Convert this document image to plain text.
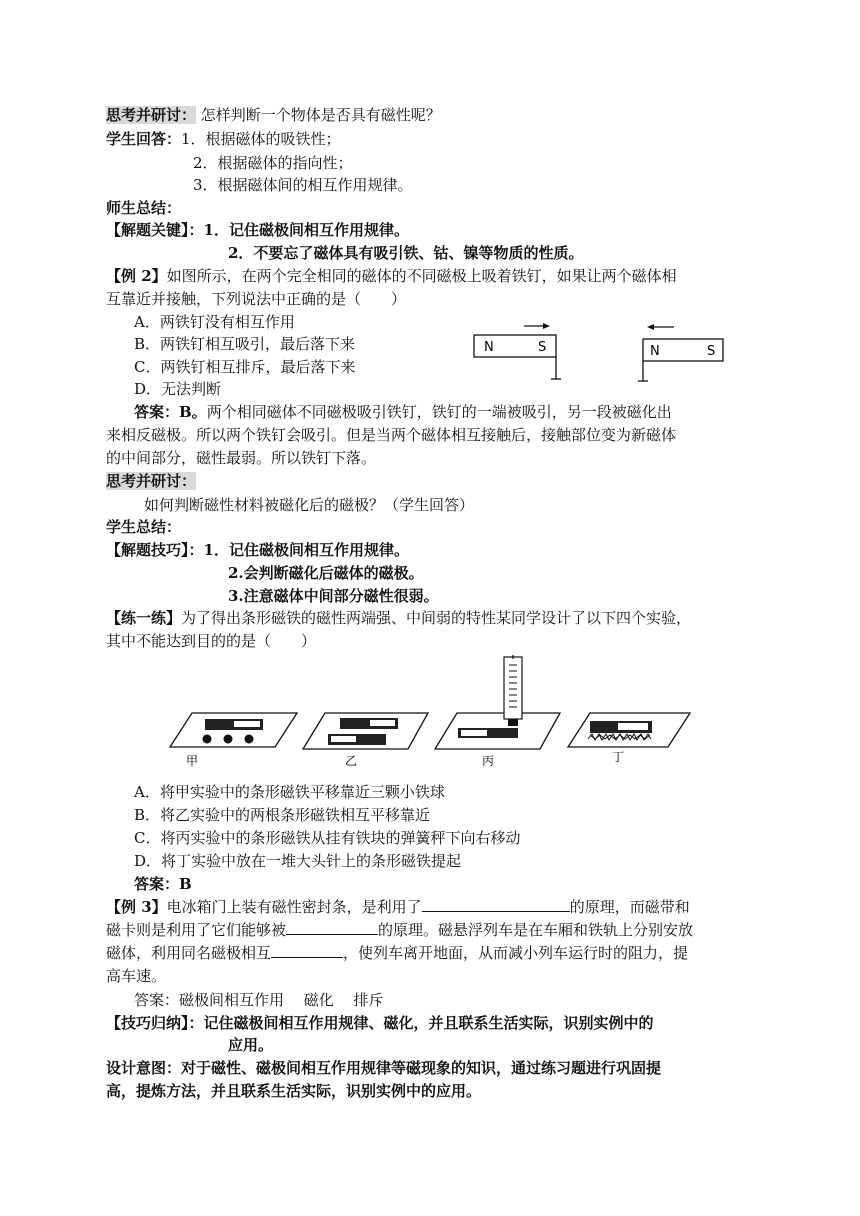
思考并研讨： 怎样判断一个物体是否具有磁性呢？
学生回答：1．根据磁体的吸铁性；
2．根据磁体的指向性；
3．根据磁体间的相互作用规律。
师生总结：
【解题关键】：1．记住磁极间相互作用规律。
2．不要忘了磁体具有吸引铁、钴、镍等物质的性质。
【例 2】如图所示，在两个完全相同的磁体的不同磁极上吸着铁钉，如果让两个磁体相
互靠近并接触，下列说法中正确的是（　　）
A．两铁钉没有相互作用
B．两铁钉相互吸引，最后落下来
C．两铁钉相互排斥，最后落下来
D．无法判断
N	S	N	S
答案：B。两个相同磁体不同磁极吸引铁钉，铁钉的一端被吸引，另一段被磁化出
来相反磁极。所以两个铁钉会吸引。但是当两个磁体相互接触后，接触部位变为新磁体
的中间部分，磁性最弱。所以铁钉下落。
思考并研讨：
如何判断磁性材料被磁化后的磁极？（学生回答）
学生总结：
【解题技巧】：1．记住磁极间相互作用规律。
2.会判断磁化后磁体的磁极。
3.注意磁体中间部分磁性很弱。
【练一练】为了得出条形磁铁的磁性两端强、中间弱的特性某同学设计了以下四个实验，
其中不能达到目的的是（　　）
甲	乙	丙	丁
A．将甲实验中的条形磁铁平移靠近三颗小铁球
B．将乙实验中的两根条形磁铁相互平移靠近
C．将丙实验中的条形磁铁从挂有铁块的弹簧秤下向右移动
D．将丁实验中放在一堆大头针上的条形磁铁提起
答案：B
【例 3】电冰箱门上装有磁性密封条，是利用了	的原理，而磁带和
磁卡则是利用了它们能够被	的原理。磁悬浮列车是在车厢和铁轨上分别安放
磁体，利用同名磁极相互	，使列车离开地面，从而减小列车运行时的阻力，提
高车速。
答案：磁极间相互作用　 磁化　 排斥
【技巧归纳】：记住磁极间相互作用规律、磁化，并且联系生活实际，识别实例中的
应用。
设计意图：对于磁性、磁极间相互作用规律等磁现象的知识，通过练习题进行巩固提
高，提炼方法，并且联系生活实际，识别实例中的应用。
